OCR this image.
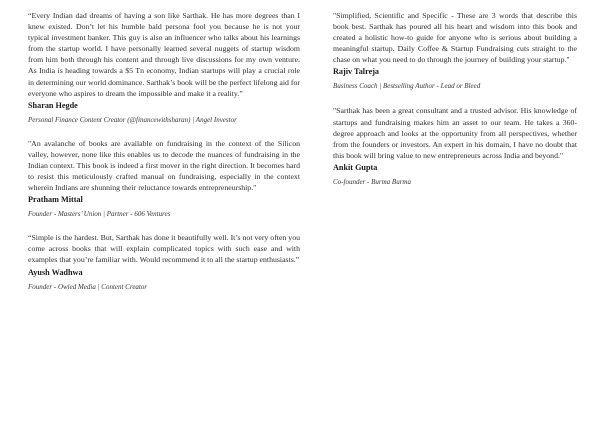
“Every Indian dad dreams of having a son like Sarthak. He has more degrees than I knew existed. Don’t let his humble bald persona fool you because he is not your typical investment banker. This guy is also an influencer who talks about his learnings from the startup world. I have personally learned several nuggets of startup wisdom from him both through his content and through live discussions for my own venture. As India is heading towards a $5 Tn economy, Indian startups will play a crucial role in determining our world dominance. Sarthak’s book will be the perfect lifelong aid for everyone who aspires to dream the impossible and make it a reality.”

Sharan Hegde

Personal Finance Content Creator (@financewithsharan) | Angel Investor

"An avalanche of books are available on fundraising in the context of the Silicon valley, however, none like this enables us to decode the nuances of fundraising in the Indian context. This book is indeed a first mover in the right direction. It becomes hard to resist this meticulously crafted manual on fundraising, especially in the context wherein Indians are shunning their reluctance towards entrepreneurship."

Pratham Mittal

Founder - Masters’ Union | Partner - 606 Ventures

“Simple is the hardest. But, Sarthak has done it beautifully well. It’s not very often you come across books that will explain complicated topics with such ease and with examples that you’re familiar with. Would recommend it to all the startup enthusiasts.”

Ayush Wadhwa

Founder - Owled Media | Content Creator

"Simplified, Scientific and Specific - These are 3 words that describe this book best. Sarthak has poured all his heart and wisdom into this book and created a holistic how-to guide for anyone who is serious about building a meaningful startup. Daily Coffee & Startup Fundraising cuts straight to the chase on what you need to do through the journey of building your startup."

Rajiv Talreja

Business Coach | Bestselling Author - Lead or Bleed

"Sarthak has been a great consultant and a trusted advisor. His knowledge of startups and fundraising makes him an asset to our team. He takes a 360-degree approach and looks at the opportunity from all perspectives, whether from the founders or investors. An expert in his domain, I have no doubt that this book will bring value to new entrepreneurs across India and beyond."

Ankit Gupta

Co-founder - Burma Burma
